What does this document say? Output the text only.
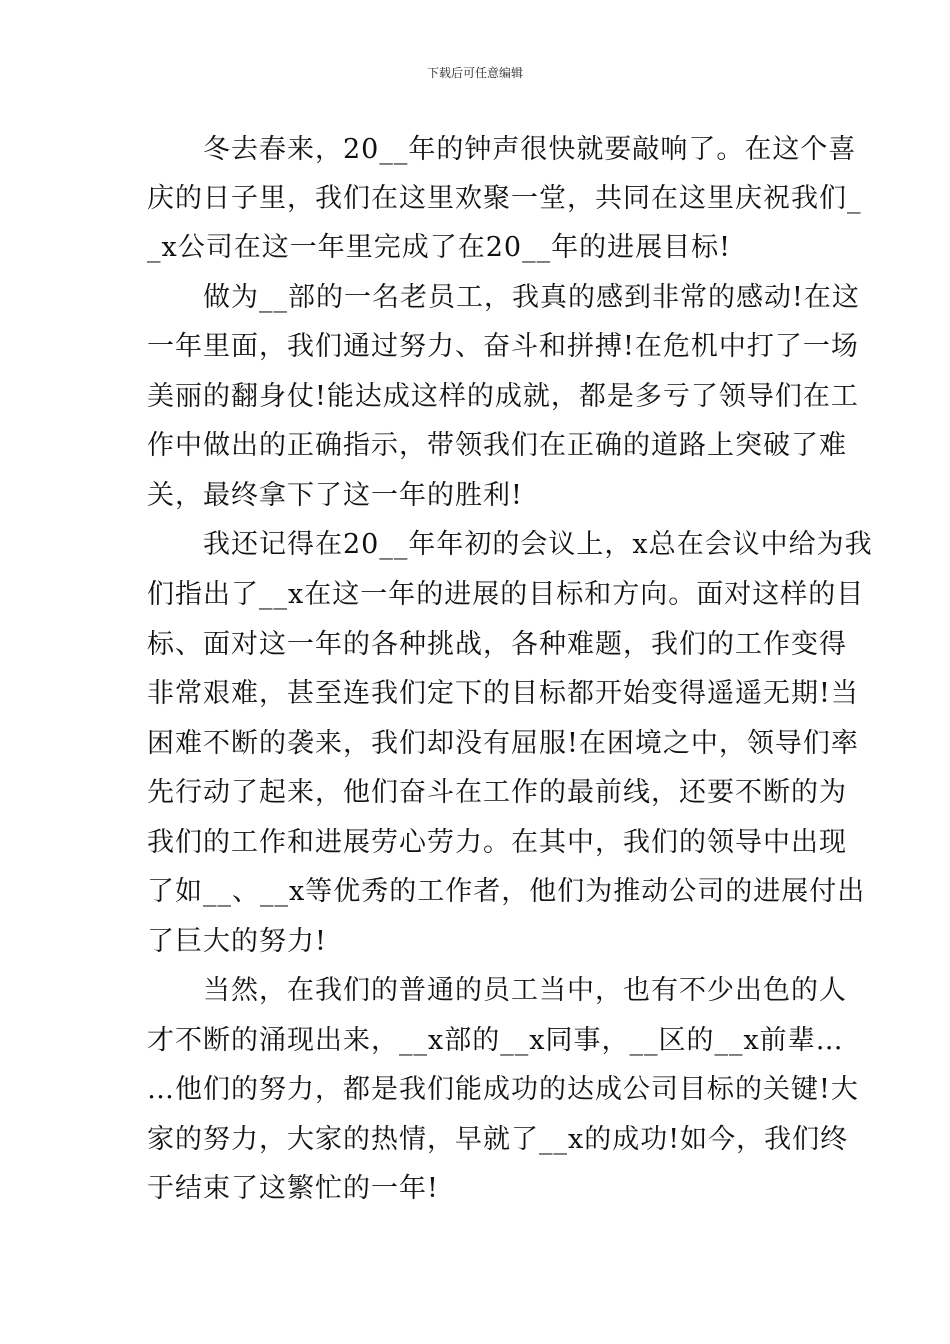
下载后可任意编辑
　　冬去春来，20__年的钟声很快就要敲响了。在这个喜
庆的日子里，我们在这里欢聚一堂，共同在这里庆祝我们_
_x公司在这一年里完成了在20__年的进展目标!
　　做为__部的一名老员工，我真的感到非常的感动!在这
一年里面，我们通过努力、奋斗和拼搏!在危机中打了一场
美丽的翻身仗!能达成这样的成就，都是多亏了领导们在工
作中做出的正确指示，带领我们在正确的道路上突破了难
关，最终拿下了这一年的胜利!
　　我还记得在20__年年初的会议上，x总在会议中给为我
们指出了__x在这一年的进展的目标和方向。面对这样的目
标、面对这一年的各种挑战，各种难题，我们的工作变得
非常艰难，甚至连我们定下的目标都开始变得遥遥无期!当
困难不断的袭来，我们却没有屈服!在困境之中，领导们率
先行动了起来，他们奋斗在工作的最前线，还要不断的为
我们的工作和进展劳心劳力。在其中，我们的领导中出现
了如__、__x等优秀的工作者，他们为推动公司的进展付出
了巨大的努力!
　　当然，在我们的普通的员工当中，也有不少出色的人
才不断的涌现出来，__x部的__x同事，__区的__x前辈…
…他们的努力，都是我们能成功的达成公司目标的关键!大
家的努力，大家的热情，早就了__x的成功!如今，我们终
于结束了这繁忙的一年!
